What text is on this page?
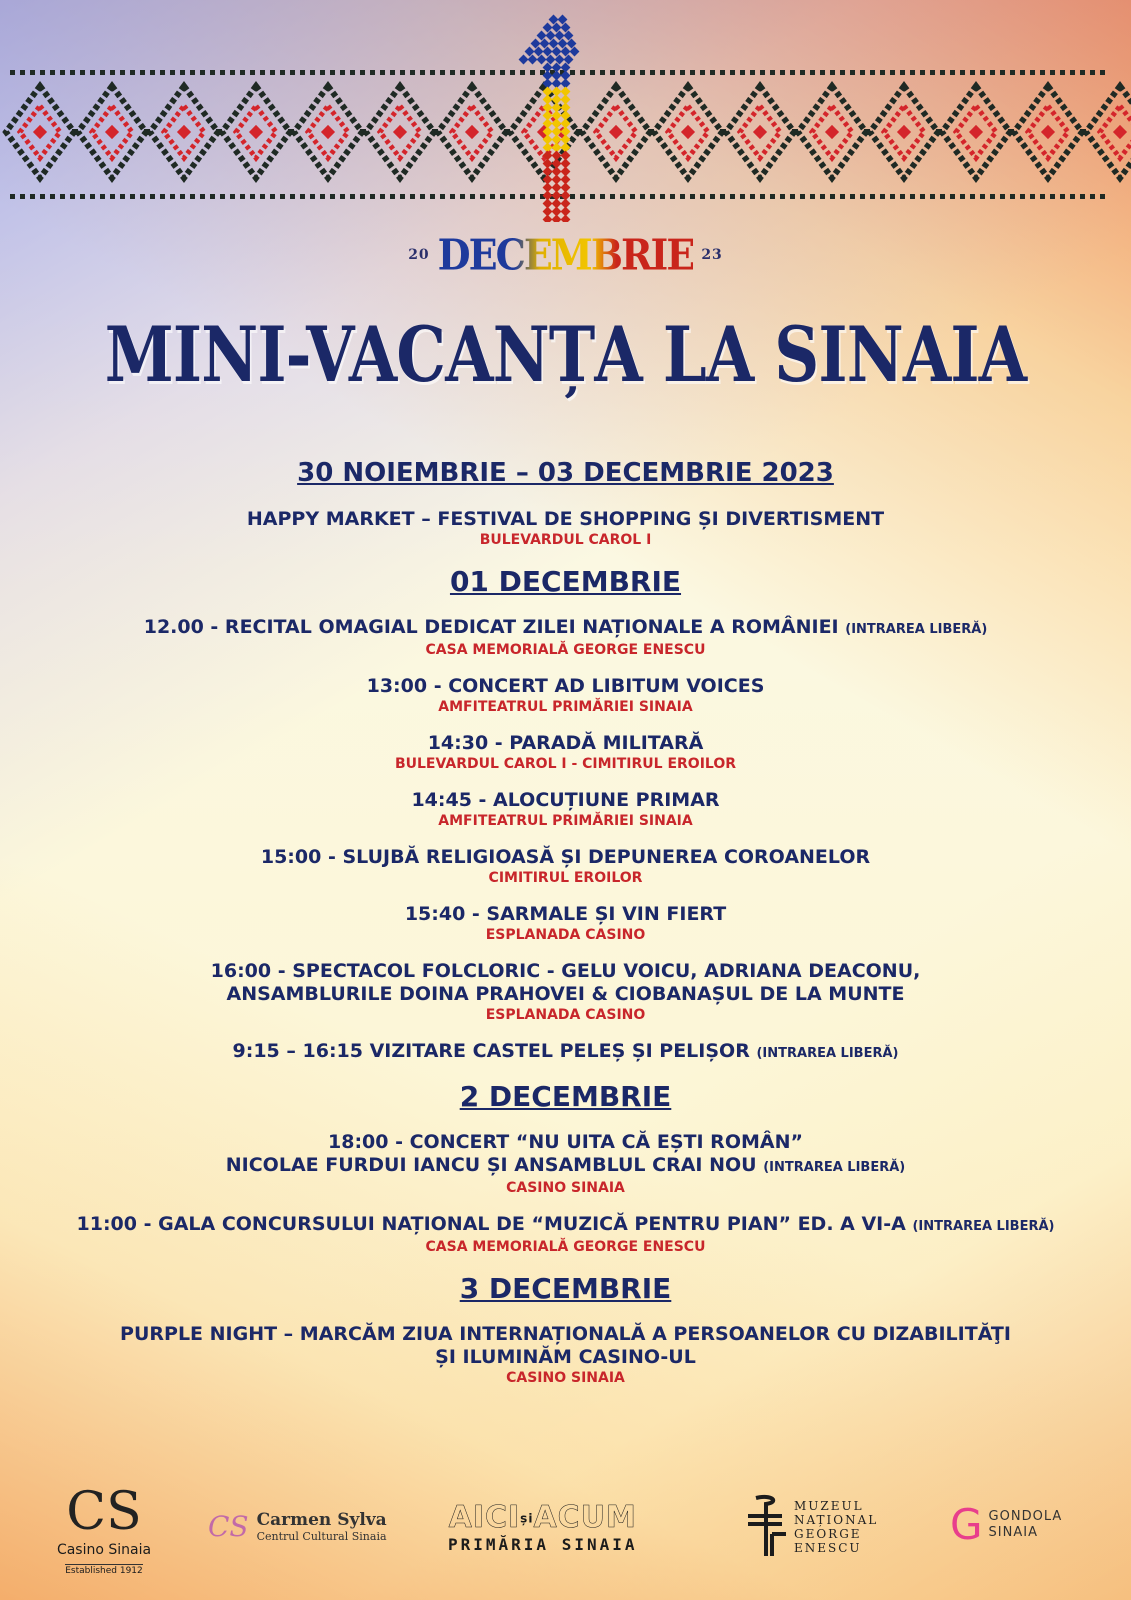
20 DECEMBRIE 23
MINI-VACANȚA LA SINAIA
30 NOIEMBRIE – 03 DECEMBRIE 2023
HAPPY MARKET – FESTIVAL DE SHOPPING ȘI DIVERTISMENT
BULEVARDUL CAROL I
01 DECEMBRIE
12.00 - RECITAL OMAGIAL DEDICAT ZILEI NAȚIONALE A ROMÂNIEI (INTRAREA LIBERĂ)
CASA MEMORIALĂ GEORGE ENESCU
13:00 - CONCERT AD LIBITUM VOICES
AMFITEATRUL PRIMĂRIEI SINAIA
14:30 - PARADĂ MILITARĂ
BULEVARDUL CAROL I - CIMITIRUL EROILOR
14:45 - ALOCUȚIUNE PRIMAR
AMFITEATRUL PRIMĂRIEI SINAIA
15:00 - SLUJBĂ RELIGIOASĂ ȘI DEPUNEREA COROANELOR
CIMITIRUL EROILOR
15:40 - SARMALE ȘI VIN FIERT
ESPLANADA CASINO
16:00 - SPECTACOL FOLCLORIC - GELU VOICU, ADRIANA DEACONU,
ANSAMBLURILE DOINA PRAHOVEI & CIOBANAȘUL DE LA MUNTE
ESPLANADA CASINO
9:15 – 16:15 VIZITARE CASTEL PELEȘ ȘI PELIȘOR (INTRAREA LIBERĂ)
2 DECEMBRIE
18:00 - CONCERT “NU UITA CĂ EȘTI ROMÂN”
NICOLAE FURDUI IANCU ȘI ANSAMBLUL CRAI NOU (INTRAREA LIBERĂ)
CASINO SINAIA
11:00 - GALA CONCURSULUI NAȚIONAL DE “MUZICĂ PENTRU PIAN” ED. A VI-A (INTRAREA LIBERĂ)
CASA MEMORIALĂ GEORGE ENESCU
3 DECEMBRIE
PURPLE NIGHT – MARCĂM ZIUA INTERNAȚIONALĂ A PERSOANELOR CU DIZABILITĂŢI
ȘI ILUMINĂM CASINO-UL
CASINO SINAIA
CS
Casino Sinaia
Established 1912
CS Carmen Sylva
Centrul Cultural Sinaia
AICIșiACUM
PRIMĂRIA SINAIA
MUZEUL
NAȚIONAL
GEORGE
ENESCU	G GONDOLA
SINAIA
